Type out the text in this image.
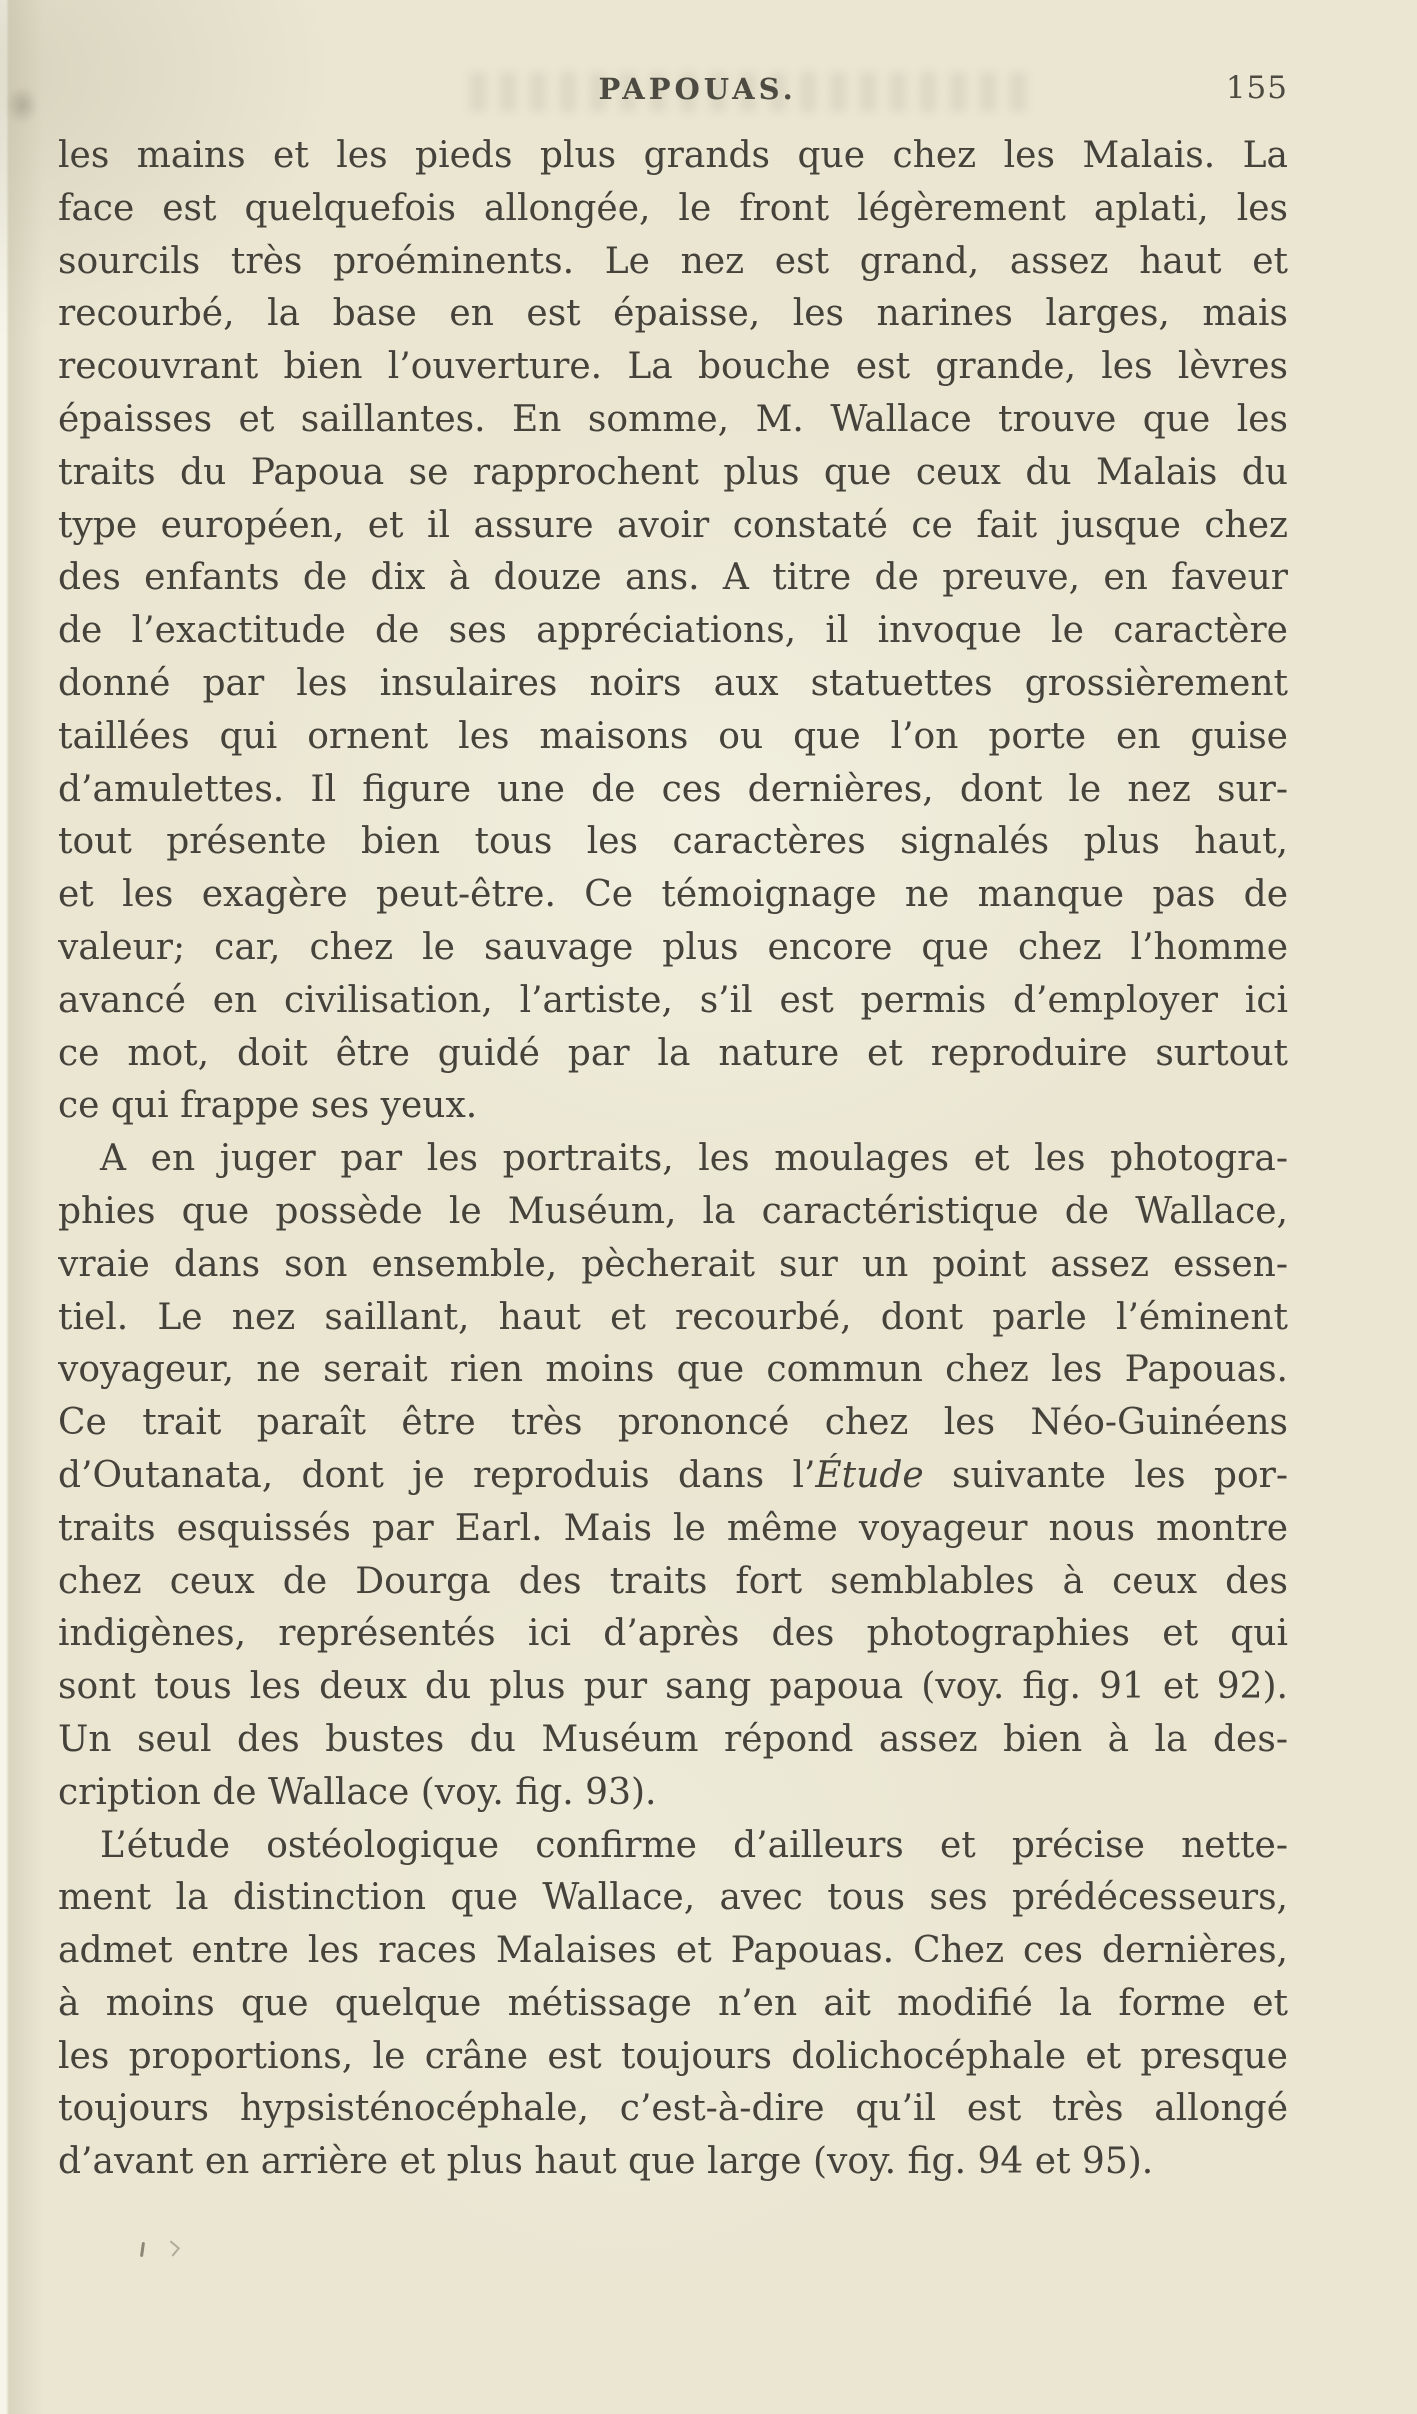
PAPOUAS.	155
les mains et les pieds plus grands que chez les Malais. La
face est quelquefois allongée, le front légèrement aplati, les
sourcils très proéminents. Le nez est grand, assez haut et
recourbé, la base en est épaisse, les narines larges, mais
recouvrant bien l’ouverture. La bouche est grande, les lèvres
épaisses et saillantes. En somme, M. Wallace trouve que les
traits du Papoua se rapprochent plus que ceux du Malais du
type européen, et il assure avoir constaté ce fait jusque chez
des enfants de dix à douze ans. A titre de preuve, en faveur
de l’exactitude de ses appréciations, il invoque le caractère
donné par les insulaires noirs aux statuettes grossièrement
taillées qui ornent les maisons ou que l’on porte en guise
d’amulettes. Il figure une de ces dernières, dont le nez sur-
tout présente bien tous les caractères signalés plus haut,
et les exagère peut-être. Ce témoignage ne manque pas de
valeur; car, chez le sauvage plus encore que chez l’homme
avancé en civilisation, l’artiste, s’il est permis d’employer ici
ce mot, doit être guidé par la nature et reproduire surtout
ce qui frappe ses yeux.
A en juger par les portraits, les moulages et les photogra-
phies que possède le Muséum, la caractéristique de Wallace,
vraie dans son ensemble, pècherait sur un point assez essen-
tiel. Le nez saillant, haut et recourbé, dont parle l’éminent
voyageur, ne serait rien moins que commun chez les Papouas.
Ce trait paraît être très prononcé chez les Néo-Guinéens
d’Outanata, dont je reproduis dans l’Étude suivante les por-
traits esquissés par Earl. Mais le même voyageur nous montre
chez ceux de Dourga des traits fort semblables à ceux des
indigènes, représentés ici d’après des photographies et qui
sont tous les deux du plus pur sang papoua (voy. fig. 91 et 92).
Un seul des bustes du Muséum répond assez bien à la des-
cription de Wallace (voy. fig. 93).
L’étude ostéologique confirme d’ailleurs et précise nette-
ment la distinction que Wallace, avec tous ses prédécesseurs,
admet entre les races Malaises et Papouas. Chez ces dernières,
à moins que quelque métissage n’en ait modifié la forme et
les proportions, le crâne est toujours dolichocéphale et presque
toujours hypsisténocéphale, c’est-à-dire qu’il est très allongé
d’avant en arrière et plus haut que large (voy. fig. 94 et 95).
